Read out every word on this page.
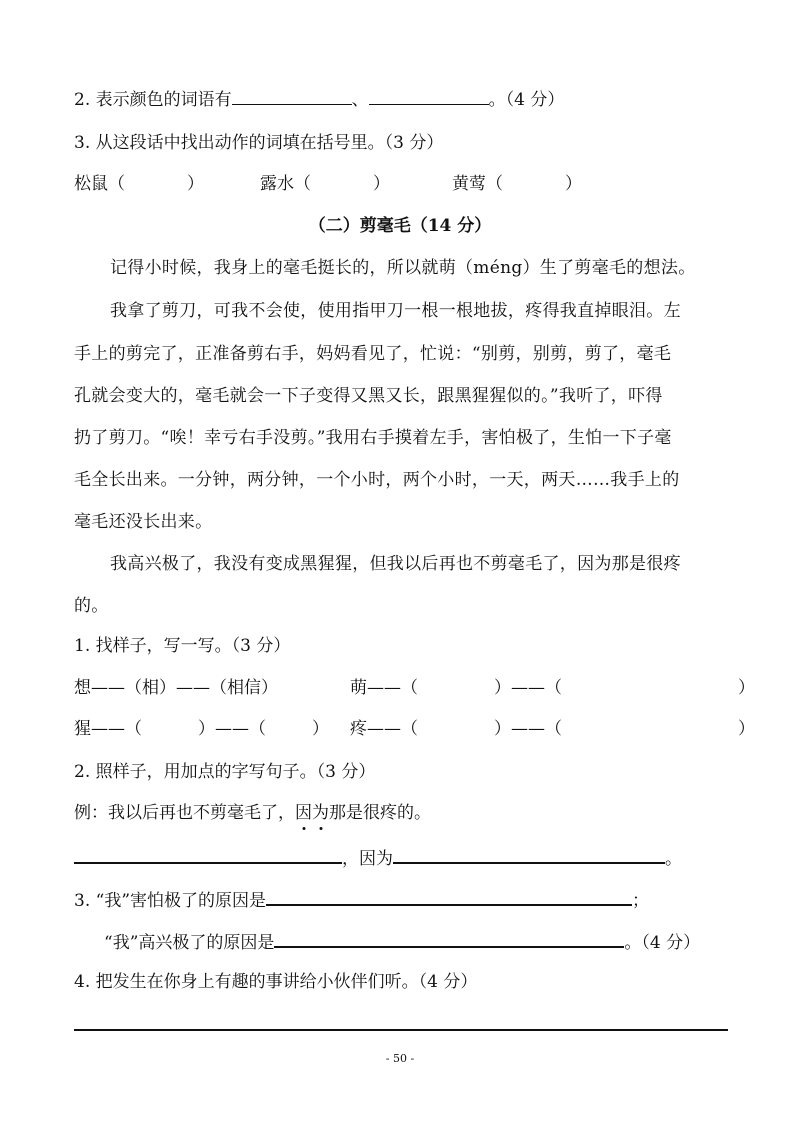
2. 表示颜色的词语有	、	。（4 分）
3. 从这段话中找出动作的词填在括号里。（3 分）
松鼠（	）	露水（	）	黄莺（	）
（二）剪毫毛（14 分）
记得小时候，我身上的毫毛挺长的，所以就萌（méng）生了剪毫毛的想法。
我拿了剪刀，可我不会使，使用指甲刀一根一根地拔，疼得我直掉眼泪。左
手上的剪完了，正准备剪右手，妈妈看见了，忙说：“别剪，别剪，剪了，毫毛
孔就会变大的，毫毛就会一下子变得又黑又长，跟黑猩猩似的。”我听了，吓得
扔了剪刀。“唉！幸亏右手没剪。”我用右手摸着左手，害怕极了，生怕一下子毫
毛全长出来。一分钟，两分钟，一个小时，两个小时，一天，两天……我手上的
毫毛还没长出来。
我高兴极了，我没有变成黑猩猩，但我以后再也不剪毫毛了，因为那是很疼
的。
1. 找样子，写一写。（3 分）
想——（相）——（相信）	萌——（	）——（	）
猩——（	）——（	） 疼——（	）——（	）
2. 照样子，用加点的字写句子。（3 分）
例：我以后再也不剪毫毛了，因为那是很疼的。
，因为	。
3. “我”害怕极了的原因是	；
“我”高兴极了的原因是	。（4 分）
4. 把发生在你身上有趣的事讲给小伙伴们听。（4 分）
- 50 -
